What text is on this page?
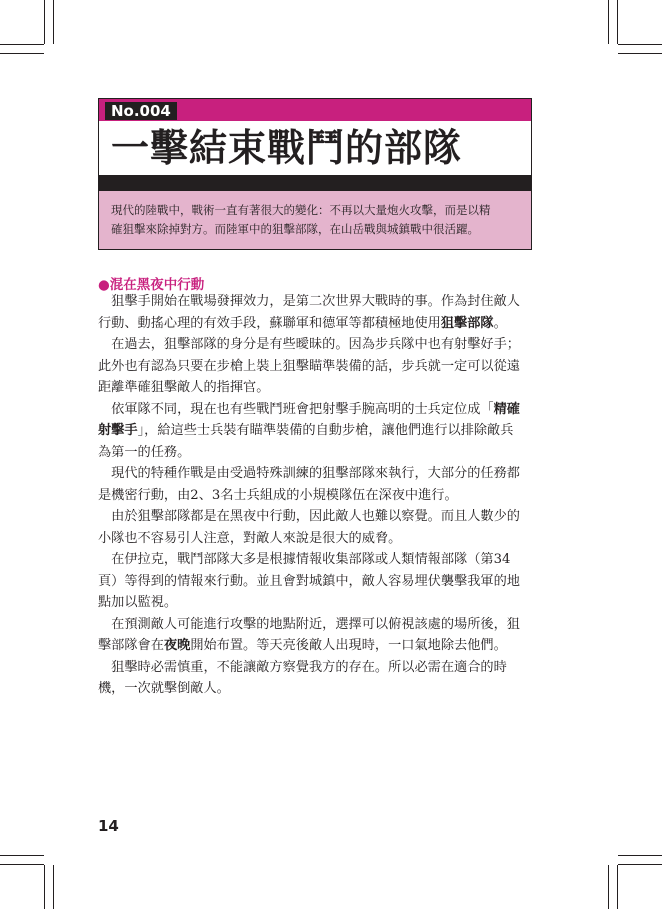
No.004
一擊結束戰鬥的部隊

現代的陸戰中，戰術一直有著很大的變化：不再以大量炮火攻擊，而是以精

確狙擊來除掉對方。而陸軍中的狙擊部隊，在山岳戰與城鎮戰中很活躍。

●混在黑夜中行動

　狙擊手開始在戰場發揮效力，是第二次世界大戰時的事。作為封住敵人

行動、動搖心理的有效手段，蘇聯軍和德軍等都積極地使用狙擊部隊。

　在過去，狙擊部隊的身分是有些曖昧的。因為步兵隊中也有射擊好手；

此外也有認為只要在步槍上裝上狙擊瞄準裝備的話，步兵就一定可以從遠

距離準確狙擊敵人的指揮官。

　依軍隊不同，現在也有些戰鬥班會把射擊手腕高明的士兵定位成「精確

射擊手」，給這些士兵裝有瞄準裝備的自動步槍，讓他們進行以排除敵兵

為第一的任務。

　現代的特種作戰是由受過特殊訓練的狙擊部隊來執行，大部分的任務都

是機密行動，由2、3名士兵組成的小規模隊伍在深夜中進行。

　由於狙擊部隊都是在黑夜中行動，因此敵人也難以察覺。而且人數少的

小隊也不容易引人注意，對敵人來說是很大的威脅。

　在伊拉克，戰鬥部隊大多是根據情報收集部隊或人類情報部隊（第34

頁）等得到的情報來行動。並且會對城鎮中，敵人容易埋伏襲擊我軍的地

點加以監視。

　在預測敵人可能進行攻擊的地點附近，選擇可以俯視該處的場所後，狙

擊部隊會在夜晚開始布置。等天亮後敵人出現時，一口氣地除去他們。

　狙擊時必需慎重，不能讓敵方察覺我方的存在。所以必需在適合的時

機，一次就擊倒敵人。

14
